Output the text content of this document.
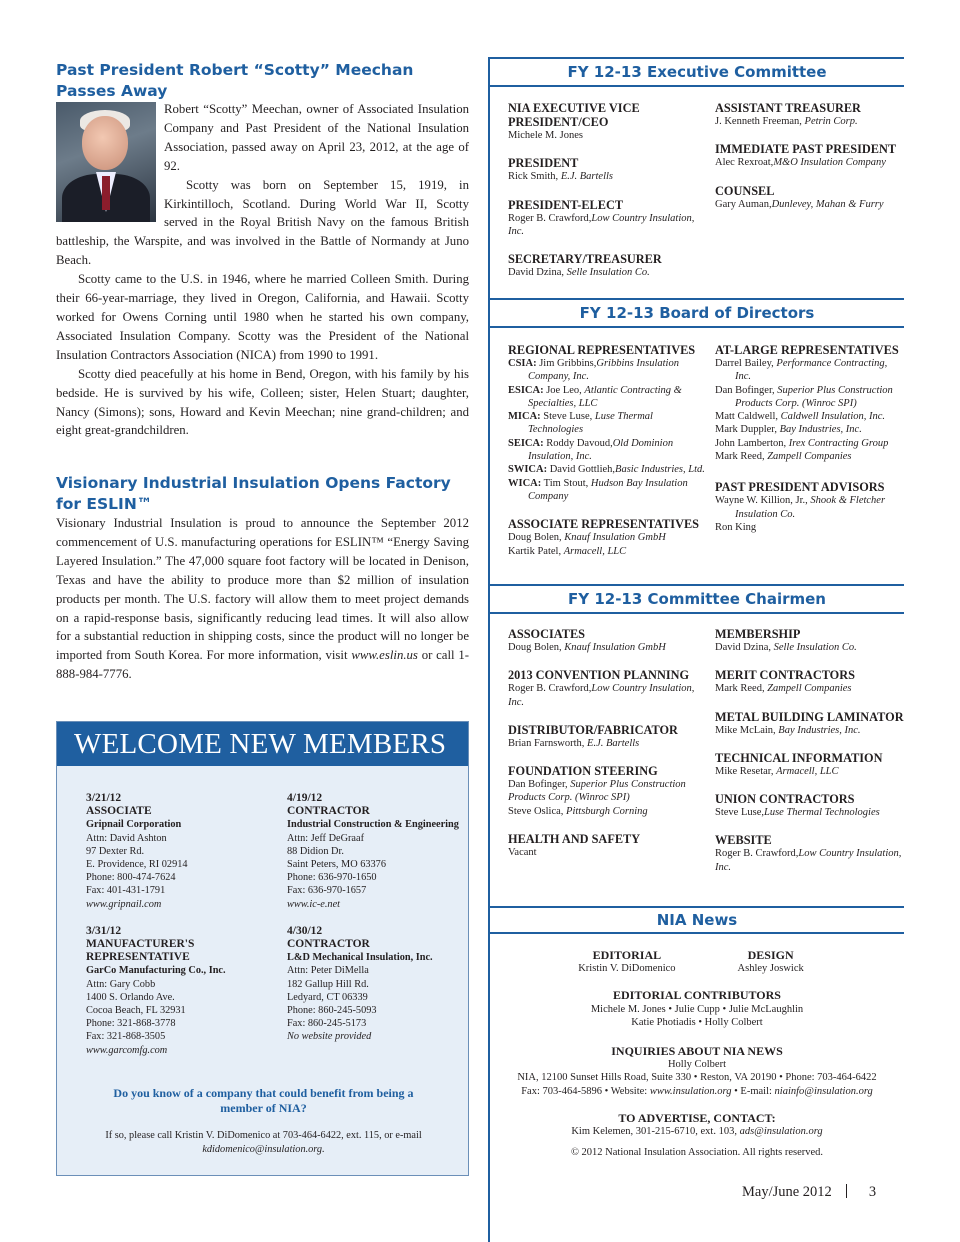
Past President Robert “Scotty” Meechan Passes Away

Robert “Scotty” Meechan, owner of Associated Insulation Company and Past President of the National Insulation Association, passed away on April 23, 2012, at the age of 92.

Scotty was born on September 15, 1919, in Kirkintilloch, Scotland. During World War II, Scotty served in the Royal British Navy on the famous British battleship, the Warspite, and was involved in the Battle of Normandy at Juno Beach.

Scotty came to the U.S. in 1946, where he married Colleen Smith. During their 66-year-marriage, they lived in Oregon, California, and Hawaii. Scotty worked for Owens Corning until 1980 when he started his own company, Associated Insulation Company. Scotty was the President of the National Insulation Contractors Association (NICA) from 1990 to 1991.

Scotty died peacefully at his home in Bend, Oregon, with his family by his bedside. He is survived by his wife, Colleen; sister, Helen Stuart; daughter, Nancy (Simons); sons, Howard and Kevin Meechan; nine grand-children; and eight great-grandchildren.

Visionary Industrial Insulation Opens Factory for ESLIN™

Visionary Industrial Insulation is proud to announce the September 2012 commencement of U.S. manufacturing operations for ESLIN™ “Energy Saving Layered Insulation.” The 47,000 square foot factory will be located in Denison, Texas and have the ability to produce more than $2 million of insulation products per month. The U.S. factory will allow them to meet project demands on a rapid-response basis, significantly reducing lead times. It will also allow for a substantial reduction in shipping costs, since the product will no longer be imported from South Korea. For more information, visit www.eslin.us or call 1-888-984-7776.

WELCOME NEW MEMBERS
3/21/12
ASSOCIATE
Gripnail Corporation
Attn: David Ashton
97 Dexter Rd.
E. Providence, RI 02914
Phone: 800-474-7624
Fax: 401-431-1791
www.gripnail.com
3/31/12
MANUFACTURER'S REPRESENTATIVE
GarCo Manufacturing Co., Inc.
Attn: Gary Cobb
1400 S. Orlando Ave.
Cocoa Beach, FL 32931
Phone: 321-868-3778
Fax: 321-868-3505
www.garcomfg.com
4/19/12
CONTRACTOR
Industrial Construction & Engineering
Attn: Jeff DeGraaf
88 Didion Dr.
Saint Peters, MO 63376
Phone: 636-970-1650
Fax: 636-970-1657
www.ic-e.net
4/30/12
CONTRACTOR
L&D Mechanical Insulation, Inc.
Attn: Peter DiMella
182 Gallup Hill Rd.
Ledyard, CT 06339
Phone: 860-245-5093
Fax: 860-245-5173
No website provided
Do you know of a company that could benefit from being a member of NIA?
If so, please call Kristin V. DiDomenico at 703-464-6422, ext. 115, or e-mail
kdidomenico@insulation.org.
FY 12-13 Executive Committee
NIA EXECUTIVE VICE PRESIDENT/CEO
Michele M. Jones
PRESIDENT
Rick Smith, E.J. Bartells
PRESIDENT-ELECT
Roger B. Crawford,Low Country Insulation, Inc.
SECRETARY/TREASURER
David Dzina, Selle Insulation Co.
ASSISTANT TREASURER
J. Kenneth Freeman, Petrin Corp.
IMMEDIATE PAST PRESIDENT
Alec Rexroat,M&O Insulation Company
COUNSEL
Gary Auman,Dunlevey, Mahan & Furry
FY 12-13 Board of Directors
REGIONAL REPRESENTATIVES
CSIA: Jim Gribbins,Gribbins Insulation Company, Inc.
ESICA: Joe Leo, Atlantic Contracting & Specialties, LLC
MICA: Steve Luse, Luse Thermal Technologies
SEICA: Roddy Davoud,Old Dominion Insulation, Inc.
SWICA: David Gottlieh,Basic Industries, Ltd.
WICA: Tim Stout, Hudson Bay Insulation Company
ASSOCIATE REPRESENTATIVES
Doug Bolen, Knauf Insulation GmbH
Kartik Patel, Armacell, LLC
AT-LARGE REPRESENTATIVES
Darrel Bailey, Performance Contracting, Inc.
Dan Bofinger, Superior Plus Construction Products Corp. (Winroc SPI)
Matt Caldwell, Caldwell Insulation, Inc.
Mark Duppler, Bay Industries, Inc.
John Lamberton, Irex Contracting Group
Mark Reed, Zampell Companies
PAST PRESIDENT ADVISORS
Wayne W. Killion, Jr., Shook & Fletcher Insulation Co.
Ron King
FY 12-13 Committee Chairmen
ASSOCIATES
Doug Bolen, Knauf Insulation GmbH
2013 CONVENTION PLANNING
Roger B. Crawford,Low Country Insulation, Inc.
DISTRIBUTOR/FABRICATOR
Brian Farnsworth, E.J. Bartells
FOUNDATION STEERING
Dan Bofinger, Superior Plus Construction Products Corp. (Winroc SPI)
Steve Oslica, Pittsburgh Corning
HEALTH AND SAFETY
Vacant
MEMBERSHIP
David Dzina, Selle Insulation Co.
MERIT CONTRACTORS
Mark Reed, Zampell Companies
METAL BUILDING LAMINATOR
Mike McLain, Bay Industries, Inc.
TECHNICAL INFORMATION
Mike Resetar, Armacell, LLC
UNION CONTRACTORS
Steve Luse,Luse Thermal Technologies
WEBSITE
Roger B. Crawford,Low Country Insulation, Inc.
NIA News
EDITORIAL
Kristin V. DiDomenico
DESIGN
Ashley Joswick
EDITORIAL CONTRIBUTORS
Michele M. Jones • Julie Cupp • Julie McLaughlin
Katie Photiadis • Holly Colbert
INQUIRIES ABOUT NIA NEWS
Holly Colbert
NIA, 12100 Sunset Hills Road, Suite 330 • Reston, VA 20190 • Phone: 703-464-6422
Fax: 703-464-5896 • Website: www.insulation.org • E-mail: niainfo@insulation.org
TO ADVERTISE, CONTACT:
Kim Kelemen, 301-215-6710, ext. 103, ads@insulation.org
© 2012 National Insulation Association. All rights reserved.
May/June 2012	3
